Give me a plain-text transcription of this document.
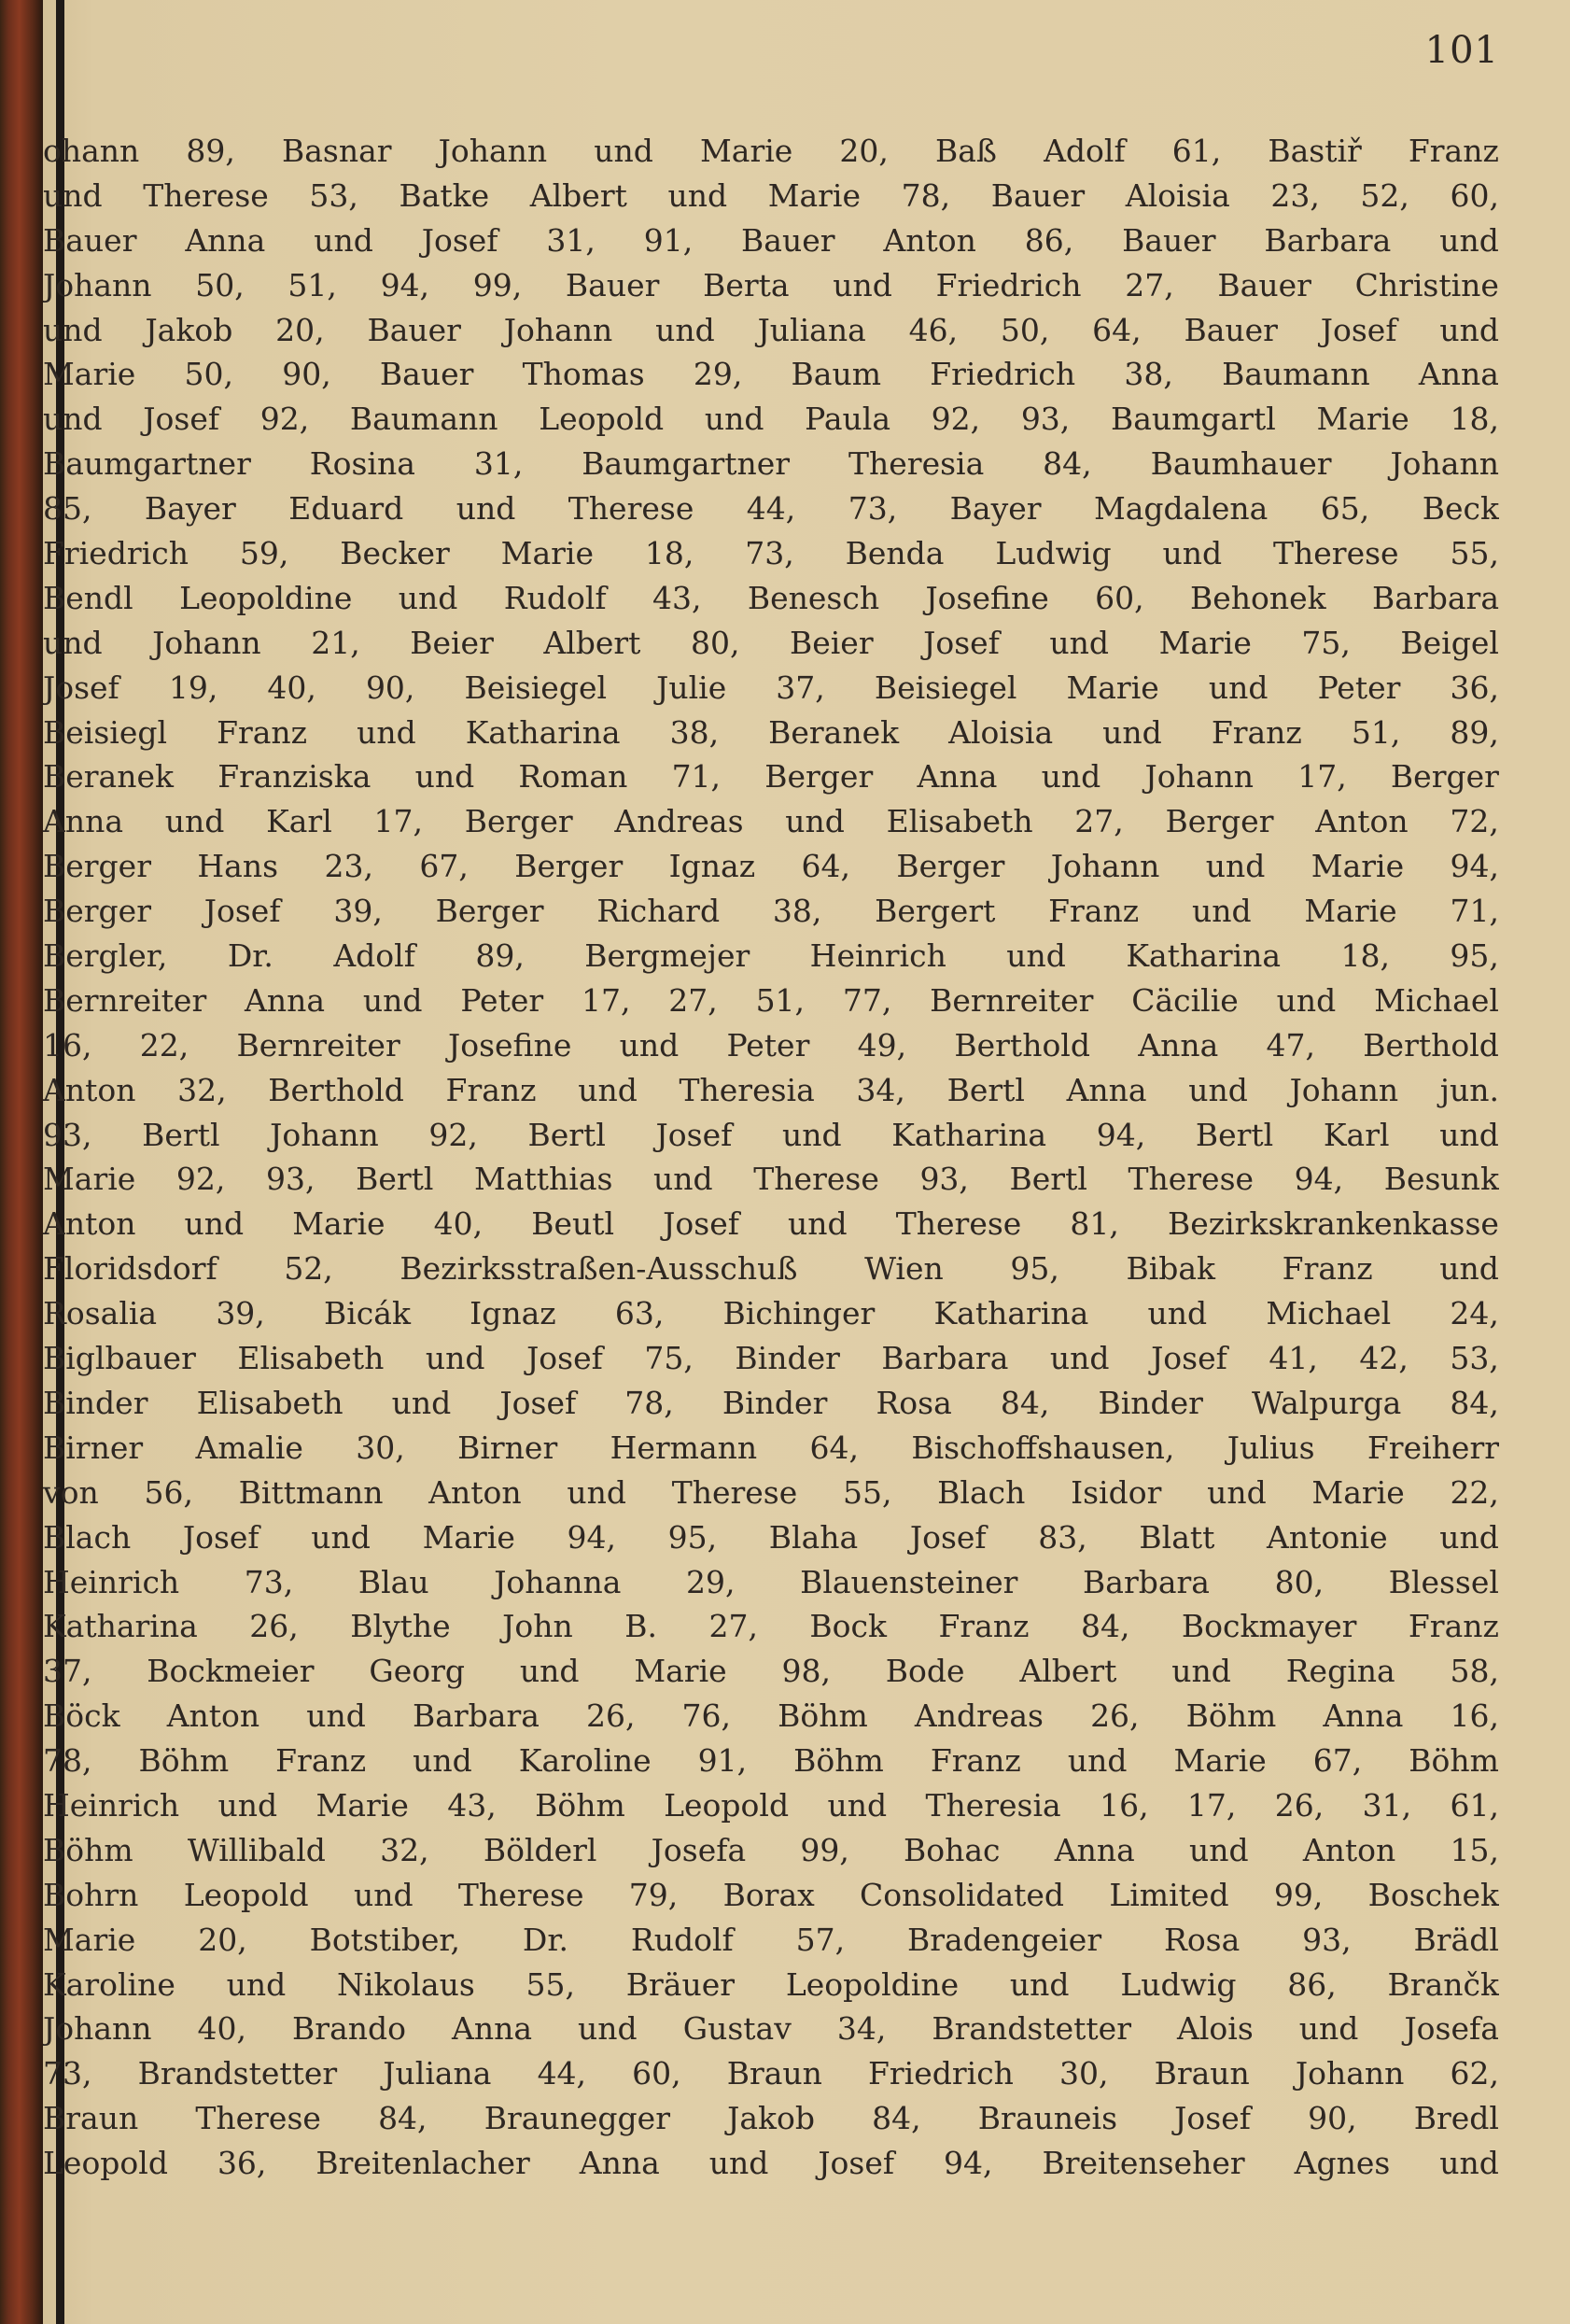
101
ohann 89, Basnar Johann und Marie 20, Baß Adolf 61, Bastiř Franz
und Therese 53, Batke Albert und Marie 78, Bauer Aloisia 23, 52, 60,
Bauer Anna und Josef 31, 91, Bauer Anton 86, Bauer Barbara und
Johann 50, 51, 94, 99, Bauer Berta und Friedrich 27, Bauer Christine
und Jakob 20, Bauer Johann und Juliana 46, 50, 64, Bauer Josef und
Marie 50, 90, Bauer Thomas 29, Baum Friedrich 38, Baumann Anna
und Josef 92, Baumann Leopold und Paula 92, 93, Baumgartl Marie 18,
Baumgartner Rosina 31, Baumgartner Theresia 84, Baumhauer Johann
85, Bayer Eduard und Therese 44, 73, Bayer Magdalena 65, Beck
Friedrich 59, Becker Marie 18, 73, Benda Ludwig und Therese 55,
Bendl Leopoldine und Rudolf 43, Benesch Josefine 60, Behonek Barbara
und Johann 21, Beier Albert 80, Beier Josef und Marie 75, Beigel
Josef 19, 40, 90, Beisiegel Julie 37, Beisiegel Marie und Peter 36,
Beisiegl Franz und Katharina 38, Beranek Aloisia und Franz 51, 89,
Beranek Franziska und Roman 71, Berger Anna und Johann 17, Berger
Anna und Karl 17, Berger Andreas und Elisabeth 27, Berger Anton 72,
Berger Hans 23, 67, Berger Ignaz 64, Berger Johann und Marie 94,
Berger Josef 39, Berger Richard 38, Bergert Franz und Marie 71,
Bergler, Dr. Adolf 89, Bergmejer Heinrich und Katharina 18, 95,
Bernreiter Anna und Peter 17, 27, 51, 77, Bernreiter Cäcilie und Michael
16, 22, Bernreiter Josefine und Peter 49, Berthold Anna 47, Berthold
Anton 32, Berthold Franz und Theresia 34, Bertl Anna und Johann jun.
93, Bertl Johann 92, Bertl Josef und Katharina 94, Bertl Karl und
Marie 92, 93, Bertl Matthias und Therese 93, Bertl Therese 94, Besunk
Anton und Marie 40, Beutl Josef und Therese 81, Bezirkskrankenkasse
Floridsdorf 52, Bezirksstraßen-Ausschuß Wien 95, Bibak Franz und
Rosalia 39, Bicák Ignaz 63, Bichinger Katharina und Michael 24,
Biglbauer Elisabeth und Josef 75, Binder Barbara und Josef 41, 42, 53,
Binder Elisabeth und Josef 78, Binder Rosa 84, Binder Walpurga 84,
Birner Amalie 30, Birner Hermann 64, Bischoffshausen, Julius Freiherr
von 56, Bittmann Anton und Therese 55, Blach Isidor und Marie 22,
Blach Josef und Marie 94, 95, Blaha Josef 83, Blatt Antonie und
Heinrich 73, Blau Johanna 29, Blauensteiner Barbara 80, Blessel
Katharina 26, Blythe John B. 27, Bock Franz 84, Bockmayer Franz
37, Bockmeier Georg und Marie 98, Bode Albert und Regina 58,
Böck Anton und Barbara 26, 76, Böhm Andreas 26, Böhm Anna 16,
78, Böhm Franz und Karoline 91, Böhm Franz und Marie 67, Böhm
Heinrich und Marie 43, Böhm Leopold und Theresia 16, 17, 26, 31, 61,
Böhm Willibald 32, Bölderl Josefa 99, Bohac Anna und Anton 15,
Bohrn Leopold und Therese 79, Borax Consolidated Limited 99, Boschek
Marie 20, Botstiber, Dr. Rudolf 57, Bradengeier Rosa 93, Brädl
Karoline und Nikolaus 55, Bräuer Leopoldine und Ludwig 86, Brančk
Johann 40, Brando Anna und Gustav 34, Brandstetter Alois und Josefa
73, Brandstetter Juliana 44, 60, Braun Friedrich 30, Braun Johann 62,
Braun Therese 84, Braunegger Jakob 84, Brauneis Josef 90, Bredl
Leopold 36, Breitenlacher Anna und Josef 94, Breitenseher Agnes und
